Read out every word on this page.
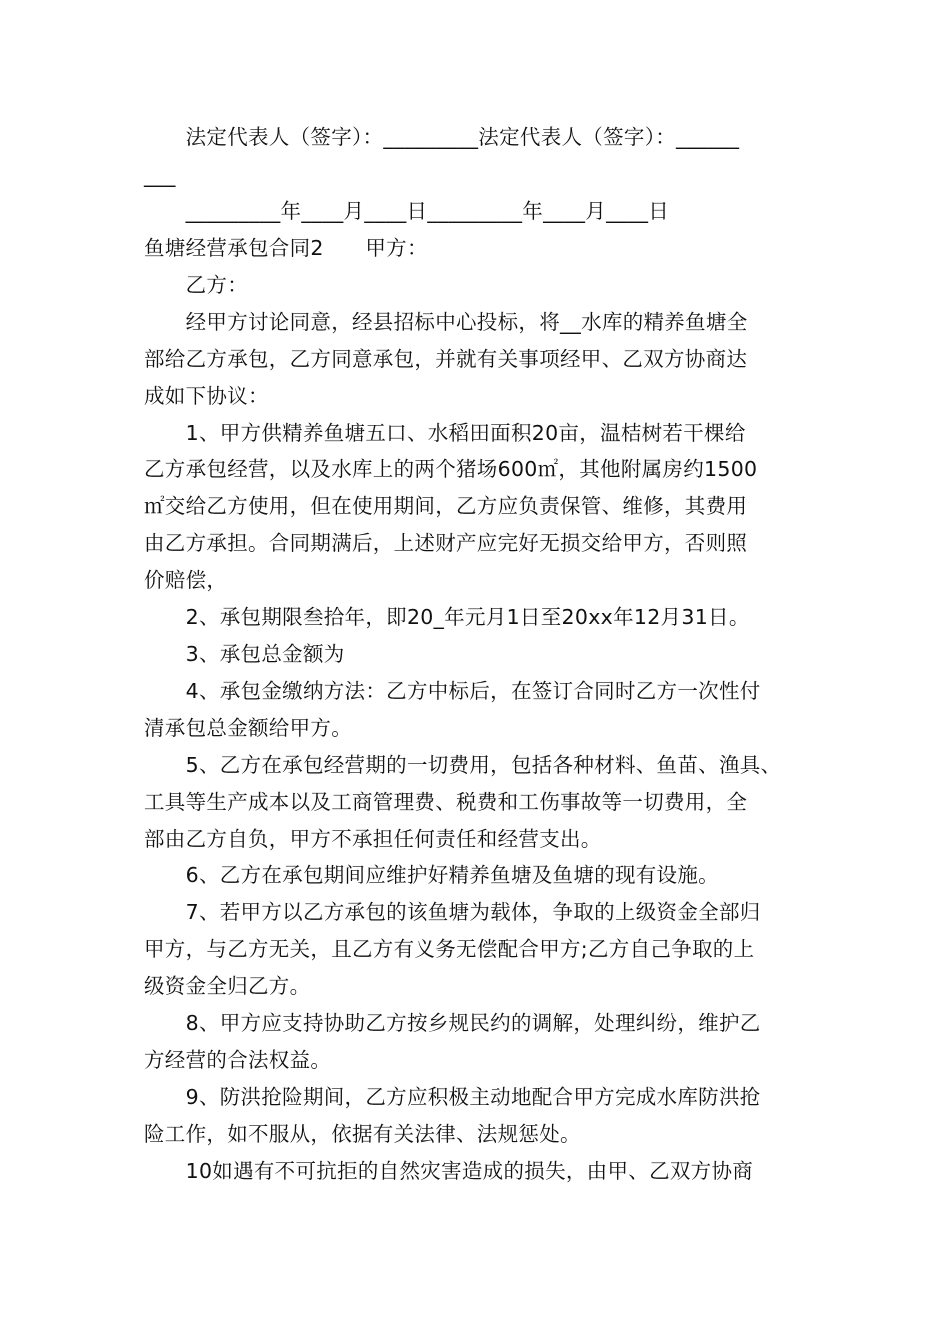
　　法定代表人（签字）：_________法定代表人（签字）：______
___
　　_________年____月____日_________年____月____日
鱼塘经营承包合同2　　甲方：
　　乙方：
　　经甲方讨论同意，经县招标中心投标，将__水库的精养鱼塘全
部给乙方承包，乙方同意承包，并就有关事项经甲、乙双方协商达
成如下协议：
　　1、甲方供精养鱼塘五口、水稻田面积20亩，温桔树若干棵给
乙方承包经营，以及水库上的两个猪场600㎡，其他附属房约1500
㎡交给乙方使用，但在使用期间，乙方应负责保管、维修，其费用
由乙方承担。合同期满后，上述财产应完好无损交给甲方，否则照
价赔偿，
　　2、承包期限叁拾年，即20_年元月1日至20xx年12月31日。
　　3、承包总金额为
　　4、承包金缴纳方法：乙方中标后，在签订合同时乙方一次性付
清承包总金额给甲方。
　　5、乙方在承包经营期的一切费用，包括各种材料、鱼苗、渔具、
工具等生产成本以及工商管理费、税费和工伤事故等一切费用，全
部由乙方自负，甲方不承担任何责任和经营支出。
　　6、乙方在承包期间应维护好精养鱼塘及鱼塘的现有设施。
　　7、若甲方以乙方承包的该鱼塘为载体，争取的上级资金全部归
甲方，与乙方无关，且乙方有义务无偿配合甲方;乙方自己争取的上
级资金全归乙方。
　　8、甲方应支持协助乙方按乡规民约的调解，处理纠纷，维护乙
方经营的合法权益。
　　9、防洪抢险期间，乙方应积极主动地配合甲方完成水库防洪抢
险工作，如不服从，依据有关法律、法规惩处。
　　10如遇有不可抗拒的自然灾害造成的损失，由甲、乙双方协商
